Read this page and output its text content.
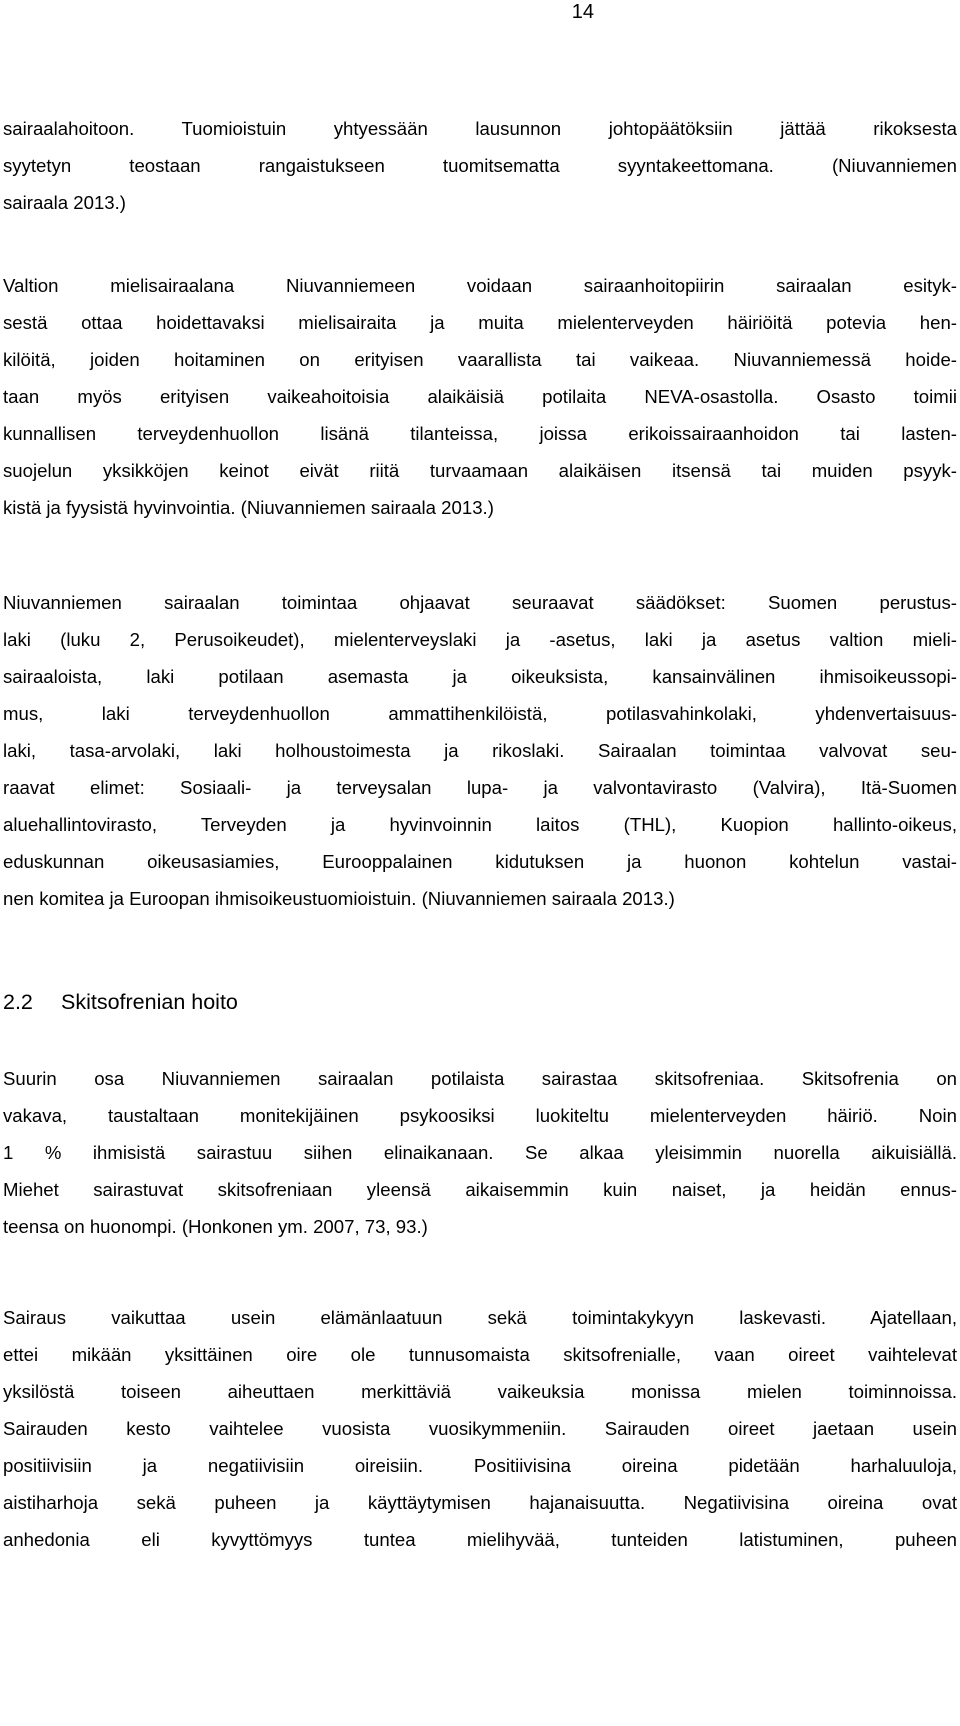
14
sairaalahoitoon. Tuomioistuin yhtyessään lausunnon johtopäätöksiin jättää rikoksesta
syytetyn teostaan rangaistukseen tuomitsematta syyntakeettomana. (Niuvanniemen
sairaala 2013.)
Valtion mielisairaalana Niuvanniemeen voidaan sairaanhoitopiirin sairaalan esityk-
sestä ottaa hoidettavaksi mielisairaita ja muita mielenterveyden häiriöitä potevia hen-
kilöitä, joiden hoitaminen on erityisen vaarallista tai vaikeaa. Niuvanniemessä hoide-
taan myös erityisen vaikeahoitoisia alaikäisiä potilaita NEVA-osastolla. Osasto toimii
kunnallisen terveydenhuollon lisänä tilanteissa, joissa erikoissairaanhoidon tai lasten-
suojelun yksikköjen keinot eivät riitä turvaamaan alaikäisen itsensä tai muiden psyyk-
kistä ja fyysistä hyvinvointia. (Niuvanniemen sairaala 2013.)
Niuvanniemen sairaalan toimintaa ohjaavat seuraavat säädökset: Suomen perustus-
laki (luku 2, Perusoikeudet), mielenterveyslaki ja -asetus, laki ja asetus valtion mieli-
sairaaloista, laki potilaan asemasta ja oikeuksista, kansainvälinen ihmisoikeussopi-
mus, laki terveydenhuollon ammattihenkilöistä, potilasvahinkolaki, yhdenvertaisuus-
laki, tasa-arvolaki, laki holhoustoimesta ja rikoslaki. Sairaalan toimintaa valvovat seu-
raavat elimet: Sosiaali- ja terveysalan lupa- ja valvontavirasto (Valvira), Itä-Suomen
aluehallintovirasto, Terveyden ja hyvinvoinnin laitos (THL), Kuopion hallinto-oikeus,
eduskunnan oikeusasiamies, Eurooppalainen kidutuksen ja huonon kohtelun vastai-
nen komitea ja Euroopan ihmisoikeustuomioistuin. (Niuvanniemen sairaala 2013.)
2.2 Skitsofrenian hoito
Suurin osa Niuvanniemen sairaalan potilaista sairastaa skitsofreniaa. Skitsofrenia on
vakava, taustaltaan monitekijäinen psykoosiksi luokiteltu mielenterveyden häiriö. Noin
1 % ihmisistä sairastuu siihen elinaikanaan. Se alkaa yleisimmin nuorella aikuisiällä.
Miehet sairastuvat skitsofreniaan yleensä aikaisemmin kuin naiset, ja heidän ennus-
teensa on huonompi. (Honkonen ym. 2007, 73, 93.)
Sairaus vaikuttaa usein elämänlaatuun sekä toimintakykyyn laskevasti. Ajatellaan,
ettei mikään yksittäinen oire ole tunnusomaista skitsofrenialle, vaan oireet vaihtelevat
yksilöstä toiseen aiheuttaen merkittäviä vaikeuksia monissa mielen toiminnoissa.
Sairauden kesto vaihtelee vuosista vuosikymmeniin. Sairauden oireet jaetaan usein
positiivisiin ja negatiivisiin oireisiin. Positiivisina oireina pidetään harhaluuloja,
aistiharhoja sekä puheen ja käyttäytymisen hajanaisuutta. Negatiivisina oireina ovat
anhedonia eli kyvyttömyys tuntea mielihyvää, tunteiden latistuminen, puheen
